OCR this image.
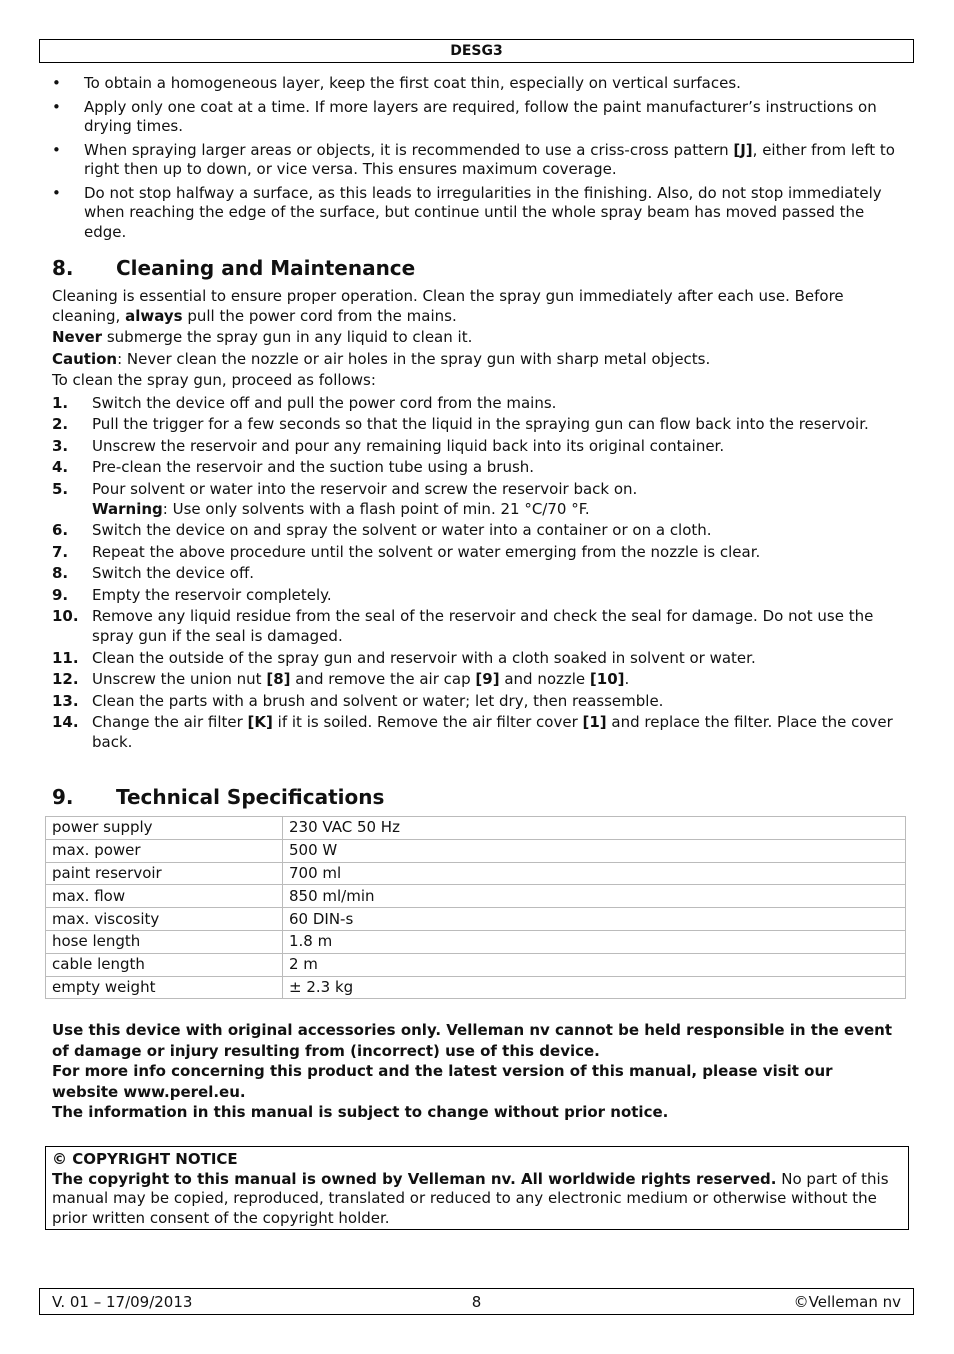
DESG3
• To obtain a homogeneous layer, keep the first coat thin, especially on vertical surfaces.
• Apply only one coat at a time. If more layers are required, follow the paint manufacturer’s instructions on drying times.
• When spraying larger areas or objects, it is recommended to use a criss-cross pattern [J], either from left to right then up to down, or vice versa. This ensures maximum coverage.
• Do not stop halfway a surface, as this leads to irregularities in the finishing. Also, do not stop immediately when reaching the edge of the surface, but continue until the whole spray beam has moved passed the edge.
8. Cleaning and Maintenance

Cleaning is essential to ensure proper operation. Clean the spray gun immediately after each use. Before cleaning, always pull the power cord from the mains.

Never submerge the spray gun in any liquid to clean it.

Caution: Never clean the nozzle or air holes in the spray gun with sharp metal objects.

To clean the spray gun, proceed as follows:

1. Switch the device off and pull the power cord from the mains.
2. Pull the trigger for a few seconds so that the liquid in the spraying gun can flow back into the reservoir.
3. Unscrew the reservoir and pour any remaining liquid back into its original container.
4. Pre-clean the reservoir and the suction tube using a brush.
5. Pour solvent or water into the reservoir and screw the reservoir back on.
Warning: Use only solvents with a flash point of min. 21 °C/70 °F.
6. Switch the device on and spray the solvent or water into a container or on a cloth.
7. Repeat the above procedure until the solvent or water emerging from the nozzle is clear.
8. Switch the device off.
9. Empty the reservoir completely.
10. Remove any liquid residue from the seal of the reservoir and check the seal for damage. Do not use the spray gun if the seal is damaged.
11. Clean the outside of the spray gun and reservoir with a cloth soaked in solvent or water.
12. Unscrew the union nut [8] and remove the air cap [9] and nozzle [10].
13. Clean the parts with a brush and solvent or water; let dry, then reassemble.
14. Change the air filter [K] if it is soiled. Remove the air filter cover [1] and replace the filter. Place the cover back.
9. Technical Specifications
power supply	230 VAC 50 Hz
max. power	500 W
paint reservoir	700 ml
max. flow	850 ml/min
max. viscosity	60 DIN-s
hose length	1.8 m
cable length	2 m
empty weight	± 2.3 kg

Use this device with original accessories only. Velleman nv cannot be held responsible in the event of damage or injury resulting from (incorrect) use of this device.

For more info concerning this product and the latest version of this manual, please visit our website www.perel.eu.

The information in this manual is subject to change without prior notice.

© COPYRIGHT NOTICE

The copyright to this manual is owned by Velleman nv. All worldwide rights reserved. No part of this manual may be copied, reproduced, translated or reduced to any electronic medium or otherwise without the prior written consent of the copyright holder.

V. 01 – 17/09/2013	8	©Velleman nv
